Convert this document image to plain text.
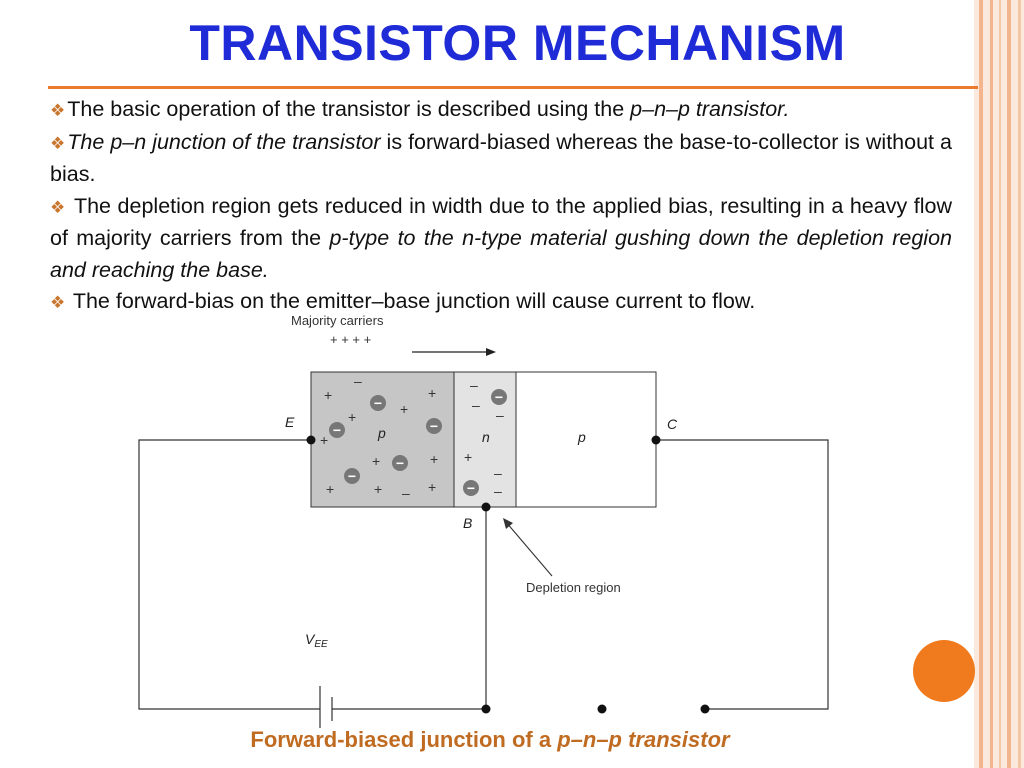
TRANSISTOR MECHANISM

❖The basic operation of the transistor is described using the p–n–p transistor.

❖The p–n junction of the transistor is forward-biased whereas the base-to-collector is without a bias.

❖ The depletion region gets reduced in width due to the applied bias, resulting in a heavy flow of majority carriers from the p-type to the n-type material gushing down the depletion region and reaching the base.

❖ The forward-bias on the emitter–base junction will cause current to flow.

Majority carriers
+ + + +
p	n	p
+
–
+
+	+
+
+	+
+	+ – +
–
–
–
+
–
–
−
−	−
−
−
−
−
E	C
B
$V_{EE}$
Depletion region
Forward-biased junction of a p–n–p transistor
